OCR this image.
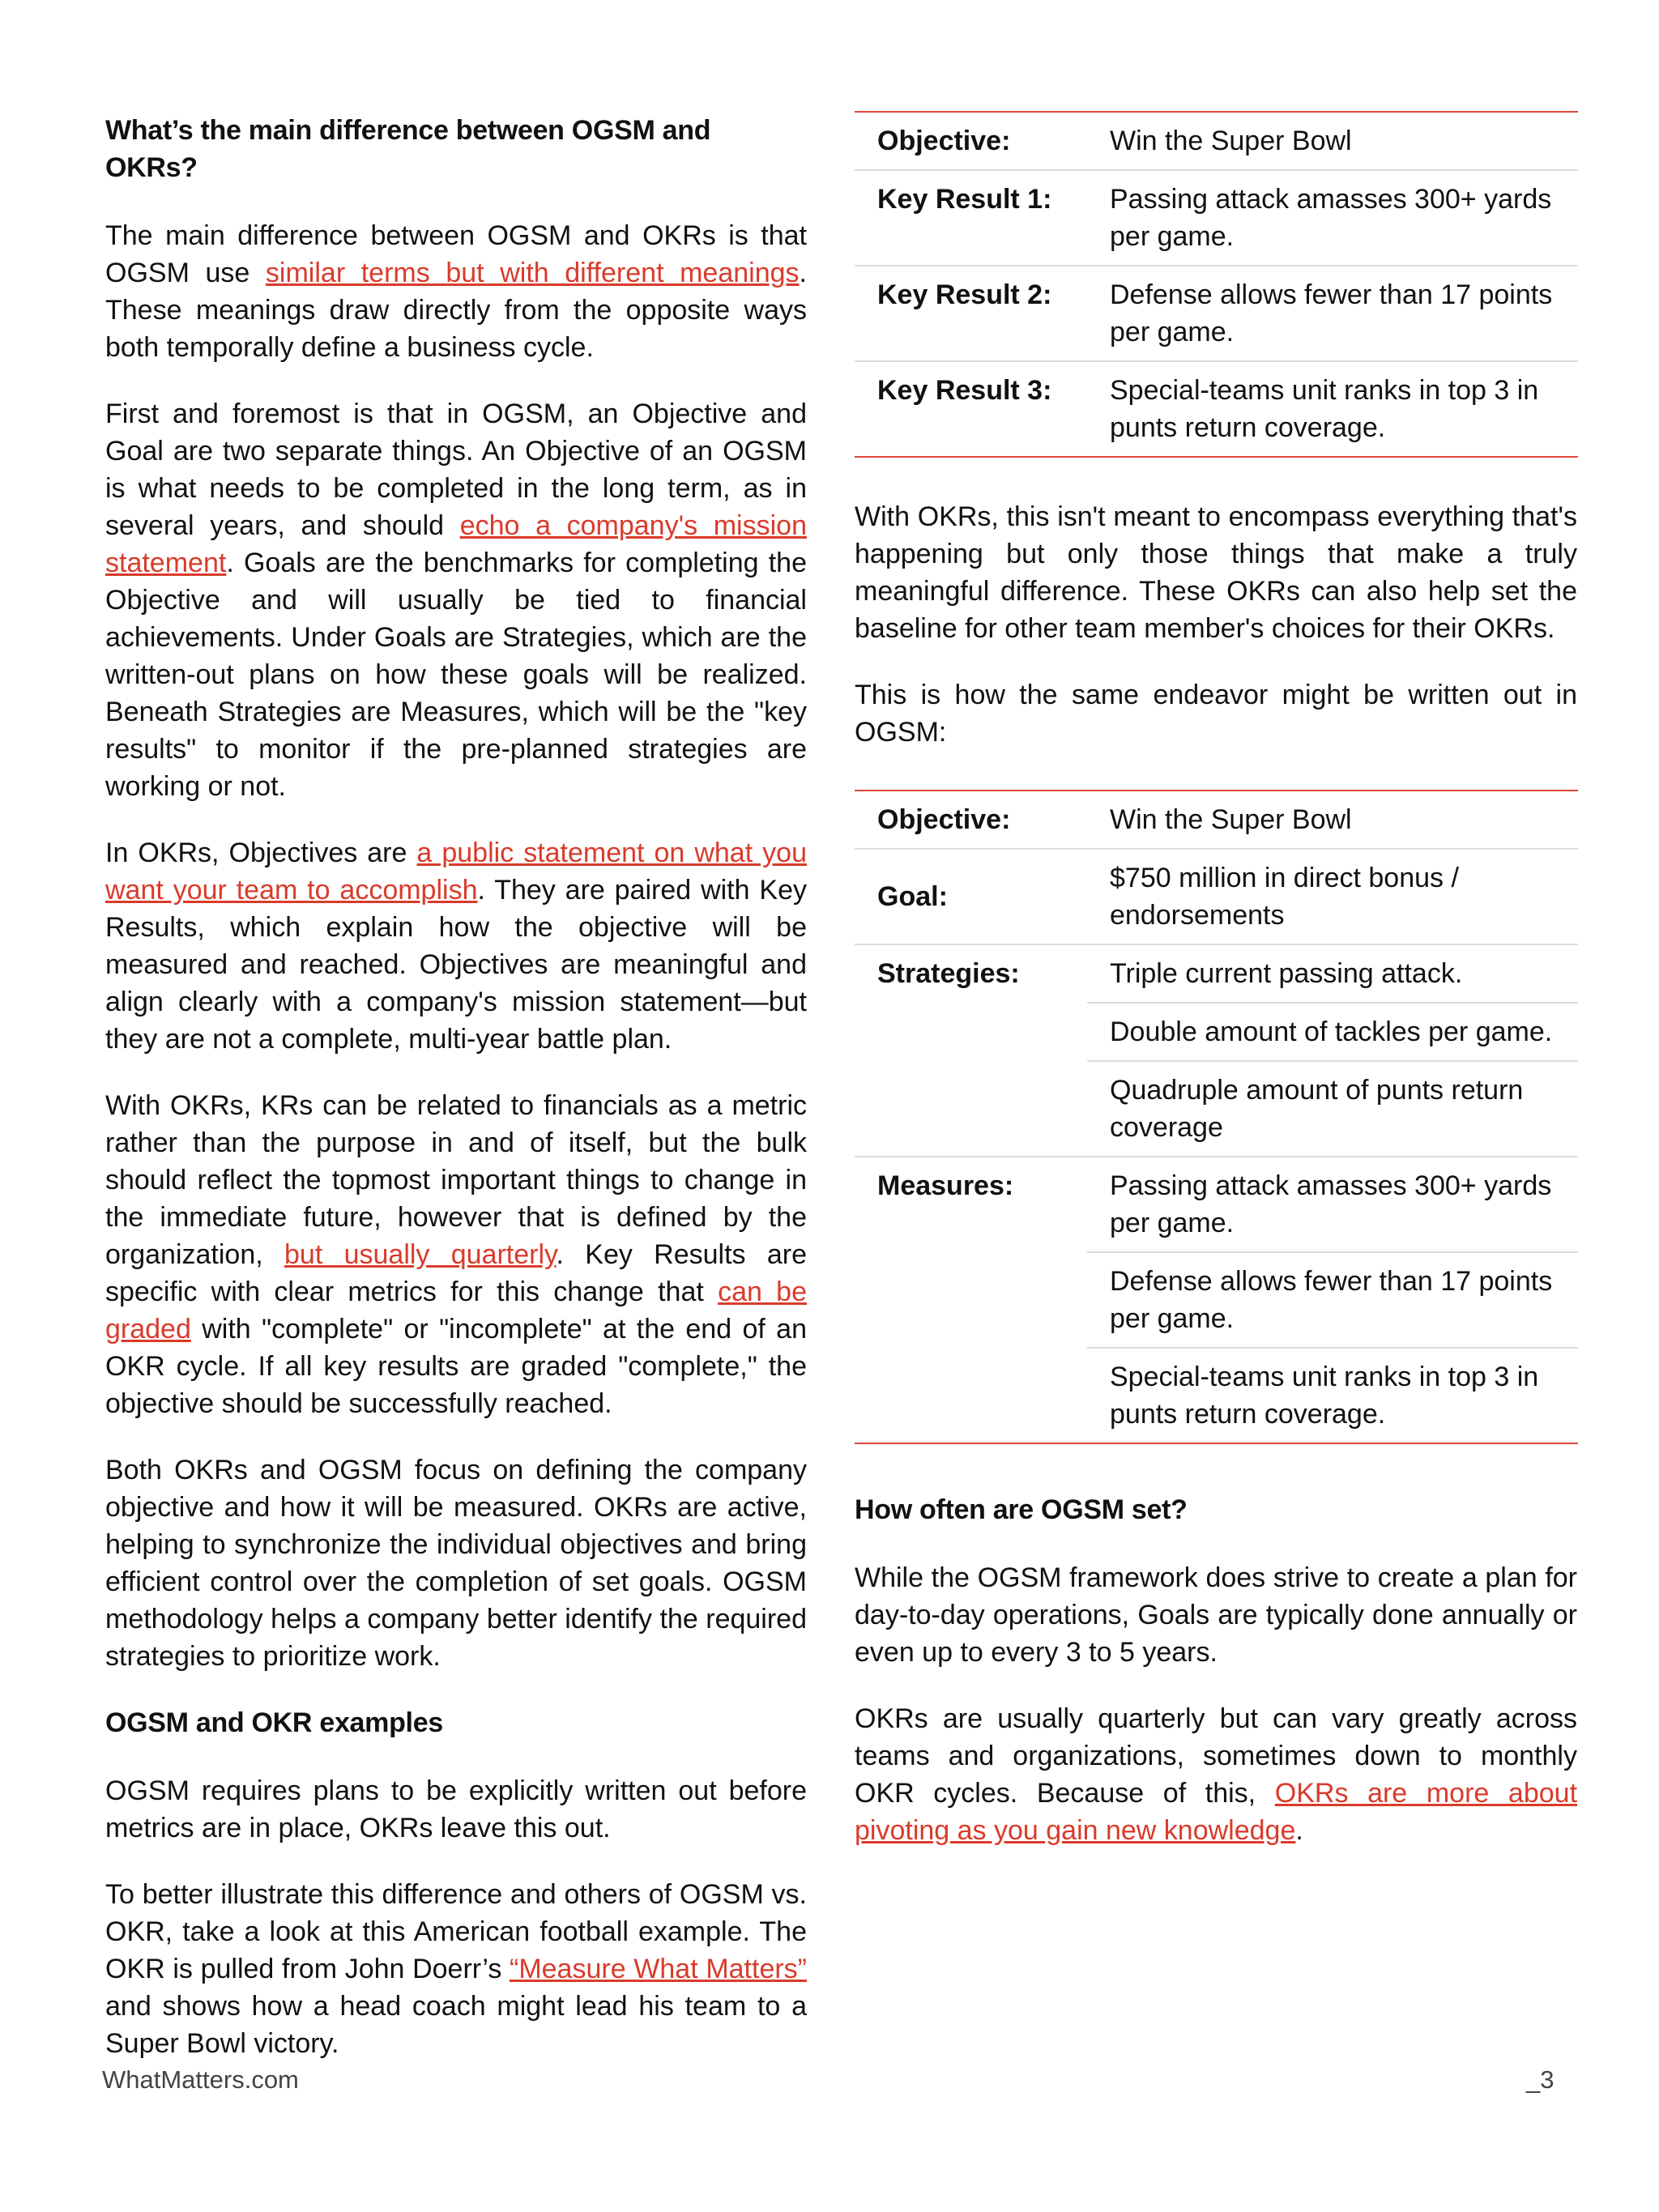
What’s the main difference between OGSM and OKRs?

The main difference between OGSM and OKRs is that OGSM use similar terms but with different meanings. These meanings draw directly from the opposite ways both temporally define a business cycle.

First and foremost is that in OGSM, an Objective and Goal are two separate things. An Objective of an OGSM is what needs to be completed in the long term, as in several years, and should echo a company's mission statement. Goals are the benchmarks for completing the Objective and will usually be tied to financial achievements. Under Goals are Strategies, which are the written-out plans on how these goals will be realized. Beneath Strategies are Measures, which will be the "key results" to monitor if the pre-planned strategies are working or not.

In OKRs, Objectives are a public statement on what you want your team to accomplish. They are paired with Key Results, which explain how the objective will be measured and reached. Objectives are meaningful and align clearly with a company's mission statement—but they are not a complete, multi-year battle plan.

With OKRs, KRs can be related to financials as a metric rather than the purpose in and of itself, but the bulk should reflect the topmost important things to change in the immediate future, however that is defined by the organization, but usually quarterly. Key Results are specific with clear metrics for this change that can be graded with "complete" or "incomplete" at the end of an OKR cycle. If all key results are graded "complete," the objective should be successfully reached.

Both OKRs and OGSM focus on defining the company objective and how it will be measured. OKRs are active, helping to synchronize the individual objectives and bring efficient control over the completion of set goals. OGSM methodology helps a company better identify the required strategies to prioritize work.

OGSM and OKR examples

OGSM requires plans to be explicitly written out before metrics are in place, OKRs leave this out.

To better illustrate this difference and others of OGSM vs. OKR, take a look at this American football example. The OKR is pulled from John Doerr’s “Measure What Matters” and shows how a head coach might lead his team to a Super Bowl victory.

Objective:	Win the Super Bowl
Key Result 1:	Passing attack amasses 300+ yards per game.
Key Result 2:	Defense allows fewer than 17 points per game.
Key Result 3:	Special-teams unit ranks in top 3 in punts return coverage.

With OKRs, this isn't meant to encompass everything that's happening but only those things that make a truly meaningful difference. These OKRs can also help set the baseline for other team member's choices for their OKRs.

This is how the same endeavor might be written out in OGSM:

Objective:	Win the Super Bowl
Goal:	$750 million in direct bonus / endorsements
Strategies:	Triple current passing attack.
	Double amount of tackles per game.
	Quadruple amount of punts return coverage
Measures:	Passing attack amasses 300+ yards per game.
	Defense allows fewer than 17 points per game.
	Special-teams unit ranks in top 3 in punts return coverage.
How often are OGSM set?

While the OGSM framework does strive to create a plan for day-to-day operations, Goals are typically done annually or even up to every 3 to 5 years.

OKRs are usually quarterly but can vary greatly across teams and organizations, sometimes down to monthly OKR cycles. Because of this, OKRs are more about pivoting as you gain new knowledge.

WhatMatters.com	_3
